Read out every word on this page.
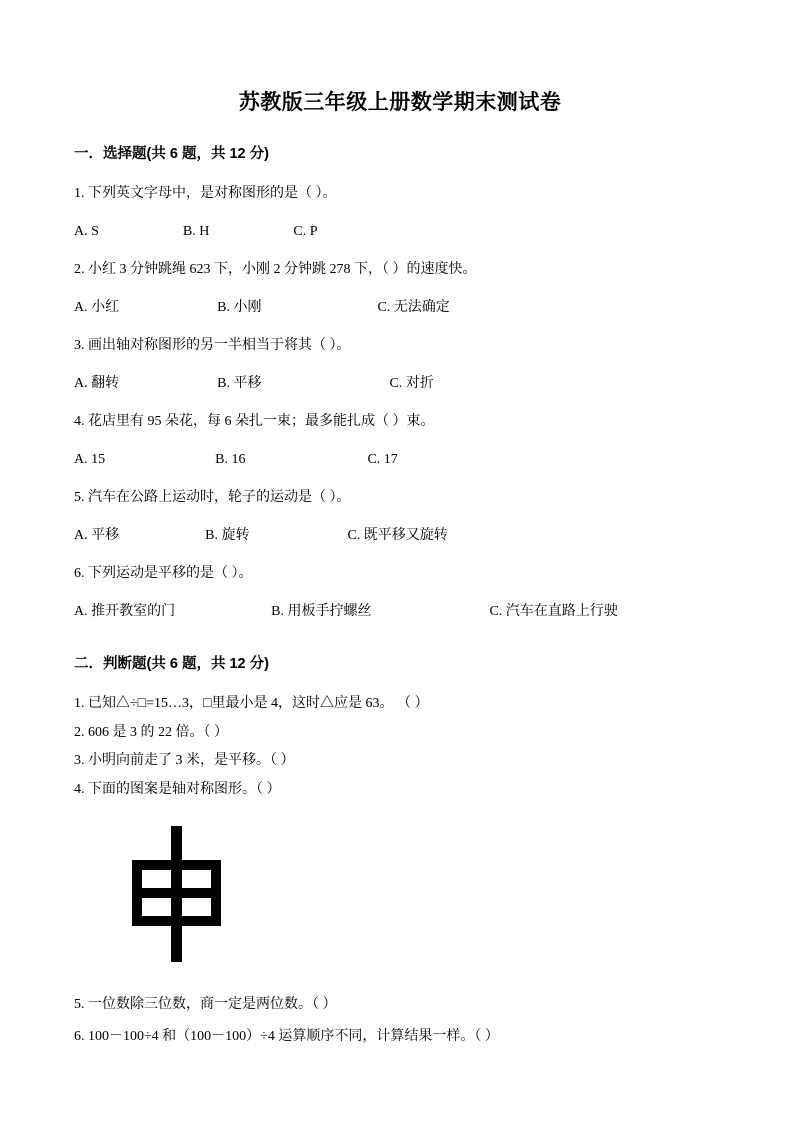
苏教版三年级上册数学期末测试卷
一．选择题(共 6 题，共 12 分)
1. 下列英文字母中，是对称图形的是（ ）。
A. S	B. H	C. P
2. 小红 3 分钟跳绳 623 下，小刚 2 分钟跳 278 下，（ ）的速度快。
A. 小红	B. 小刚	C. 无法确定
3. 画出轴对称图形的另一半相当于将其（ ）。
A. 翻转	B. 平移	C. 对折
4. 花店里有 95 朵花，每 6 朵扎一束；最多能扎成（ ）束。
A. 15	B. 16	C. 17
5. 汽车在公路上运动时，轮子的运动是（ ）。
A. 平移	B. 旋转	C. 既平移又旋转
6. 下列运动是平移的是（ ）。
A. 推开教室的门	B. 用板手拧螺丝	C. 汽车在直路上行驶
二．判断题(共 6 题，共 12 分)
1. 已知△÷□=15…3，□里最小是 4，这时△应是 63。 （ ）
2. 606 是 3 的 22 倍。（ ）
3. 小明向前走了 3 米，是平移。（ ）
4. 下面的图案是轴对称图形。（ ）
5. 一位数除三位数，商一定是两位数。（ ）
6. 100－100÷4 和（100－100）÷4 运算顺序不同，计算结果一样。（ ）
